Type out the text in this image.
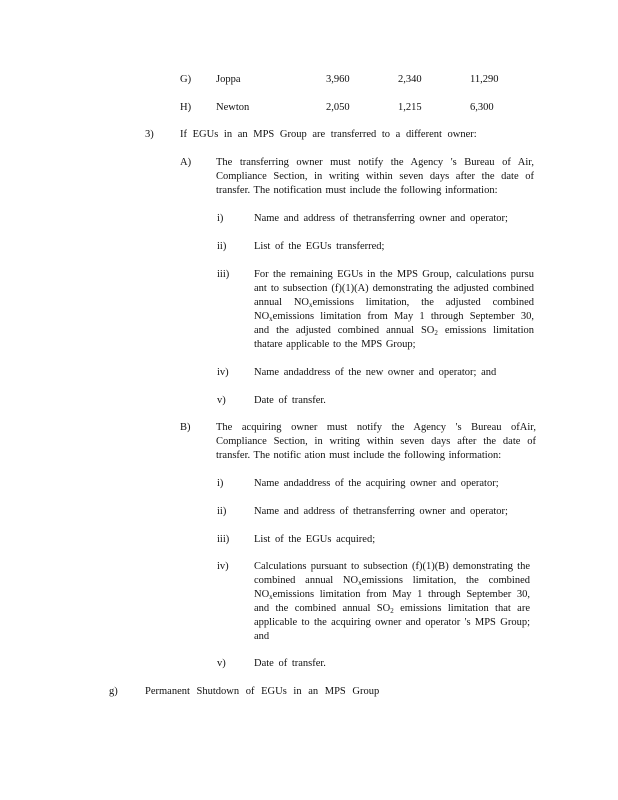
G) Joppa	3,960	2,340	11,290
H) Newton	2,050	1,215	6,300
3)	If EGUs in an MPS Group are transferred to a different owner:
A) The transferring owner must notify the Agency 's Bureau of Air, Compliance Section, in writing within seven days after the date of transfer. The notification must include the following information:
i)	Name and address of thetransferring owner and operator;
ii)	List of the EGUs transferred;
iii) For the remaining EGUs in the MPS Group, calculations pursu ant to subsection (f)(1)(A) demonstrating the adjusted combined annual $NO_xemissions$ limitation, the adjusted combined $NO_xemissions$ limitation from May 1 through September 30, and the adjusted combined annual $SO_2$ emissions limitation thatare applicable to the MPS Group;
iv) Name andaddress of the new owner and operator; and
v)	Date of transfer.
B) The acquiring owner must notify the Agency 's Bureau ofAir, Compliance Section, in writing within seven days after the date of transfer. The notific ation must include the following information:
i)	Name andaddress of the acquiring owner and operator;
ii)	Name and address of thetransferring owner and operator;
iii) List of the EGUs acquired;
iv) Calculations pursuant to subsection (f)(1)(B) demonstrating the combined annual $NO_xemissions$ limitation, the combined $NO_xemissions$ limitation from May 1 through September 30, and the combined annual $SO_2$ emissions limitation that are applicable to the acquiring owner and operator 's MPS Group; and
v)	Date of transfer.
g)	Permanent Shutdown of EGUs in an MPS Group
